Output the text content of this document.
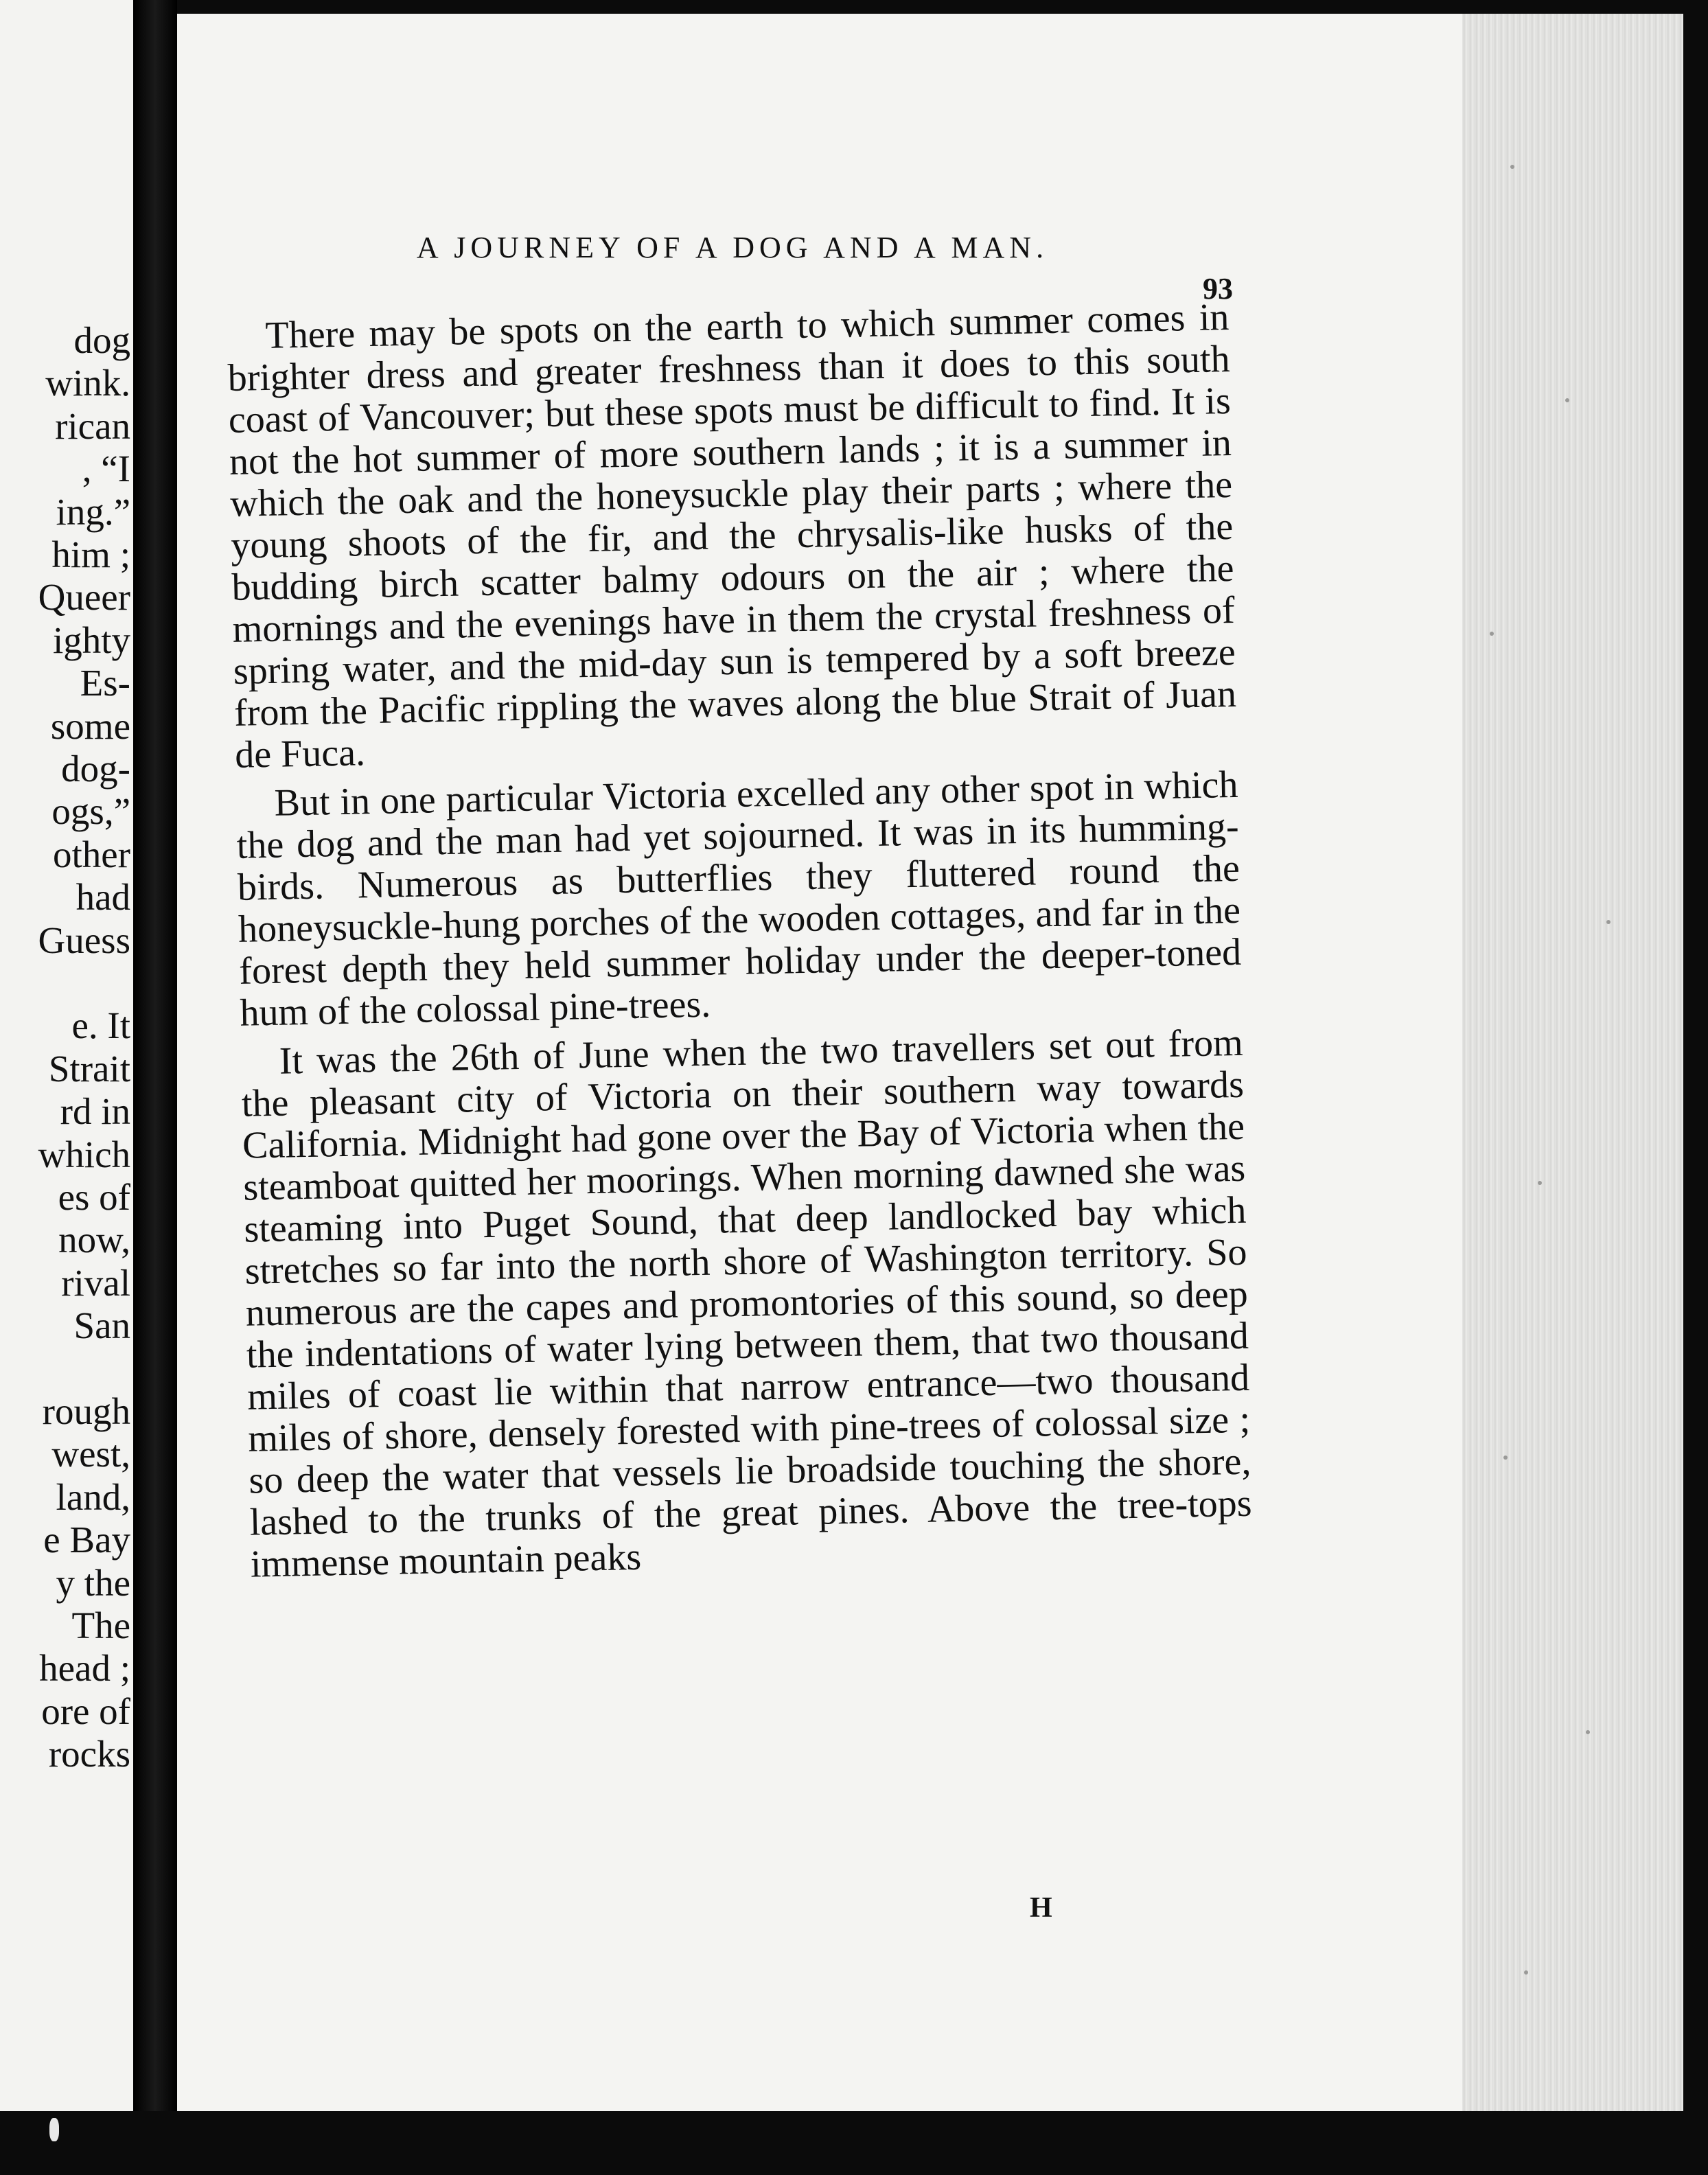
dog
wink.
rican
, “I
ing.”
him ;
Queer
ighty
Es-
some
dog-
ogs,”
other
had
Guess
e. It
Strait
rd in
which
es of
now,
rival
San
rough
west,
land,
e Bay
y the
The
head ;
ore of
rocks
A JOURNEY OF A DOG AND A MAN.
93

There may be spots on the earth to which summer comes in brighter dress and greater freshness than it does to this south coast of Vancouver; but these spots must be difficult to find. It is not the hot summer of more southern lands ; it is a summer in which the oak and the honeysuckle play their parts ; where the young shoots of the fir, and the chrysalis-like husks of the budding birch scatter balmy odours on the air ; where the mornings and the evenings have in them the crystal freshness of spring water, and the mid-day sun is tempered by a soft breeze from the Pacific rippling the waves along the blue Strait of Juan de Fuca.

But in one particular Victoria excelled any other spot in which the dog and the man had yet sojourned. It was in its humming-birds. Numerous as butterflies they fluttered round the honeysuckle-hung porches of the wooden cottages, and far in the forest depth they held summer holiday under the deeper-toned hum of the colossal pine-trees.

It was the 26th of June when the two travellers set out from the pleasant city of Victoria on their southern way towards California. Midnight had gone over the Bay of Victoria when the steamboat quitted her moorings. When morning dawned she was steaming into Puget Sound, that deep landlocked bay which stretches so far into the north shore of Washington territory. So numerous are the capes and promontories of this sound, so deep the indentations of water lying between them, that two thousand miles of coast lie within that narrow entrance—two thousand miles of shore, densely forested with pine-trees of colossal size ; so deep the water that vessels lie broadside touching the shore, lashed to the trunks of the great pines. Above the tree-tops immense mountain peaks

H
